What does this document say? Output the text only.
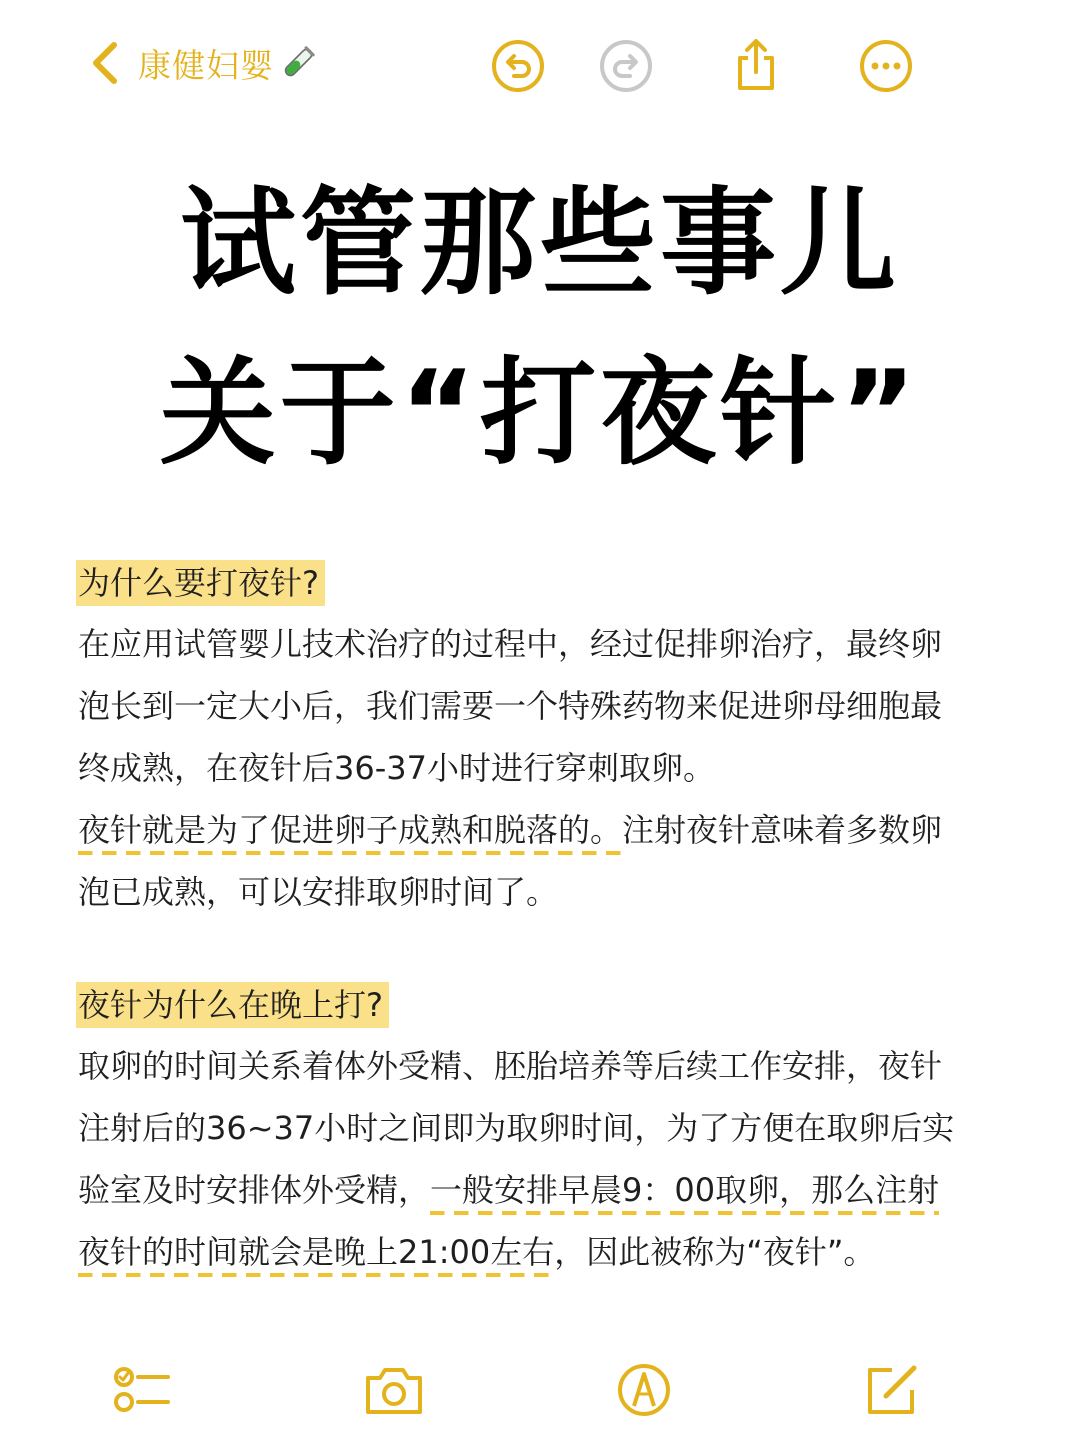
康健妇婴
试管那些事儿
关于“打夜针”
为什么要打夜针?
在应用试管婴儿技术治疗的过程中，经过促排卵治疗，最终卵
泡长到一定大小后，我们需要一个特殊药物来促进卵母细胞最
终成熟，在夜针后36-37小时进行穿刺取卵。
夜针就是为了促进卵子成熟和脱落的。注射夜针意味着多数卵
泡已成熟，可以安排取卵时间了。
夜针为什么在晚上打?
取卵的时间关系着体外受精、胚胎培养等后续工作安排，夜针
注射后的36~37小时之间即为取卵时间，为了方便在取卵后实
验室及时安排体外受精，一般安排早晨9：00取卵，那么注射
夜针的时间就会是晚上21:00左右，因此被称为“夜针”。
